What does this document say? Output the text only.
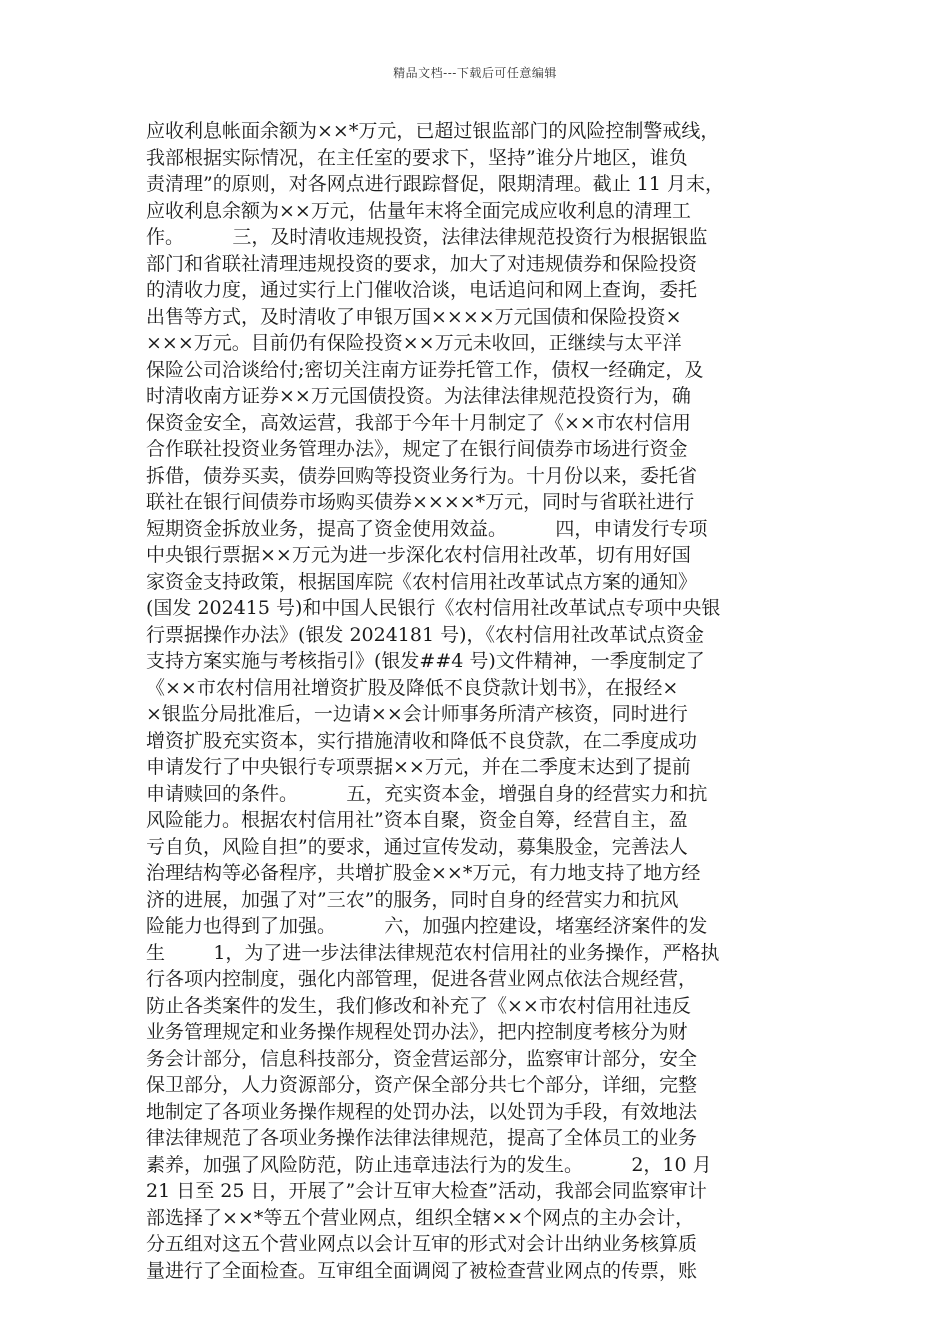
精品文档---下载后可任意编辑
应收利息帐面余额为××*万元，已超过银监部门的风险控制警戒线，
我部根据实际情况，在主任室的要求下，坚持”谁分片地区，谁负
责清理”的原则，对各网点进行跟踪督促，限期清理。截止 11 月末，
应收利息余额为××万元，估量年末将全面完成应收利息的清理工
作。        三，及时清收违规投资，法律法律规范投资行为根据银监
部门和省联社清理违规投资的要求，加大了对违规债券和保险投资
的清收力度，通过实行上门催收洽谈，电话追问和网上查询，委托
出售等方式，及时清收了申银万国××××万元国债和保险投资×
×××万元。目前仍有保险投资××万元未收回，正继续与太平洋
保险公司洽谈给付;密切关注南方证券托管工作，债权一经确定，及
时清收南方证券××万元国债投资。为法律法律规范投资行为，确
保资金安全，高效运营，我部于今年十月制定了《××市农村信用
合作联社投资业务管理办法》，规定了在银行间债券市场进行资金
拆借，债券买卖，债券回购等投资业务行为。十月份以来，委托省
联社在银行间债券市场购买债券××××*万元，同时与省联社进行
短期资金拆放业务，提高了资金使用效益。        四，申请发行专项
中央银行票据××万元为进一步深化农村信用社改革，切有用好国
家资金支持政策，根据国库院《农村信用社改革试点方案的通知》
(国发 202415 号)和中国人民银行《农村信用社改革试点专项中央银
行票据操作办法》(银发 2024181 号)，《农村信用社改革试点资金
支持方案实施与考核指引》(银发##4 号)文件精神，一季度制定了
《××市农村信用社增资扩股及降低不良贷款计划书》，在报经×
×银监分局批准后，一边请××会计师事务所清产核资，同时进行
增资扩股充实资本，实行措施清收和降低不良贷款，在二季度成功
申请发行了中央银行专项票据××万元，并在二季度末达到了提前
申请赎回的条件。        五，充实资本金，增强自身的经营实力和抗
风险能力。根据农村信用社”资本自聚，资金自筹，经营自主，盈
亏自负，风险自担”的要求，通过宣传发动，募集股金，完善法人
治理结构等必备程序，共增扩股金××*万元，有力地支持了地方经
济的进展，加强了对”三农”的服务，同时自身的经营实力和抗风
险能力也得到了加强。        六，加强内控建设，堵塞经济案件的发
生        1，为了进一步法律法律规范农村信用社的业务操作，严格执
行各项内控制度，强化内部管理，促进各营业网点依法合规经营，
防止各类案件的发生，我们修改和补充了《××市农村信用社违反
业务管理规定和业务操作规程处罚办法》，把内控制度考核分为财
务会计部分，信息科技部分，资金营运部分，监察审计部分，安全
保卫部分，人力资源部分，资产保全部分共七个部分，详细，完整
地制定了各项业务操作规程的处罚办法，以处罚为手段，有效地法
律法律规范了各项业务操作法律法律规范，提高了全体员工的业务
素养，加强了风险防范，防止违章违法行为的发生。        2，10 月
21 日至 25 日，开展了”会计互审大检查”活动，我部会同监察审计
部选择了××*等五个营业网点，组织全辖××个网点的主办会计，
分五组对这五个营业网点以会计互审的形式对会计出纳业务核算质
量进行了全面检查。互审组全面调阅了被检查营业网点的传票，账
